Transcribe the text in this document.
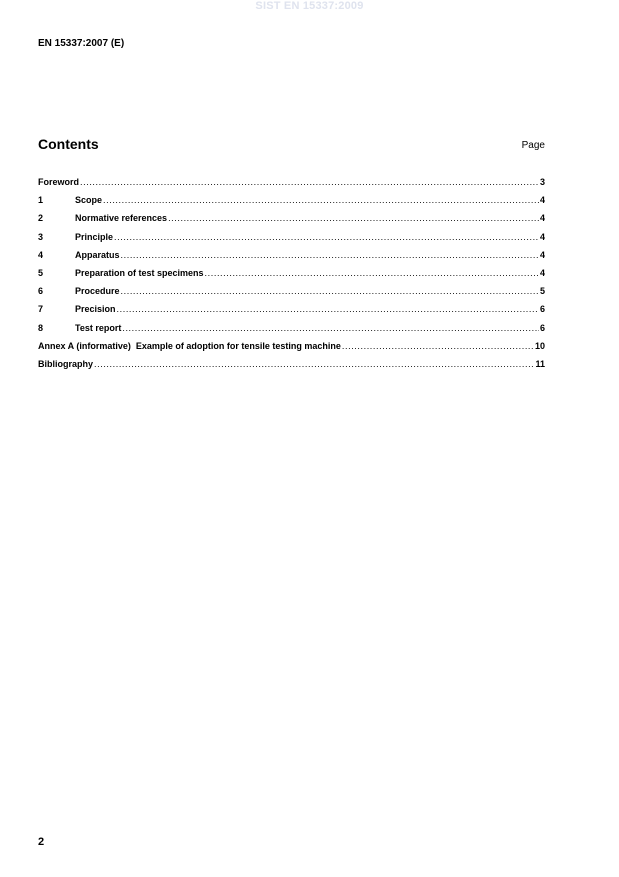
SIST EN 15337:2009
EN 15337:2007 (E)
Contents	Page
Foreword .....	3
1	Scope .....	4
2	Normative references .....	4
3	Principle .....	4
4	Apparatus .....	4
5	Preparation of test specimens .....	4
6	Procedure .....	5
7	Precision .....	6
8	Test report .....	6
Annex A (informative)  Example of adoption for tensile testing machine .....	10
Bibliography .....	11
2
